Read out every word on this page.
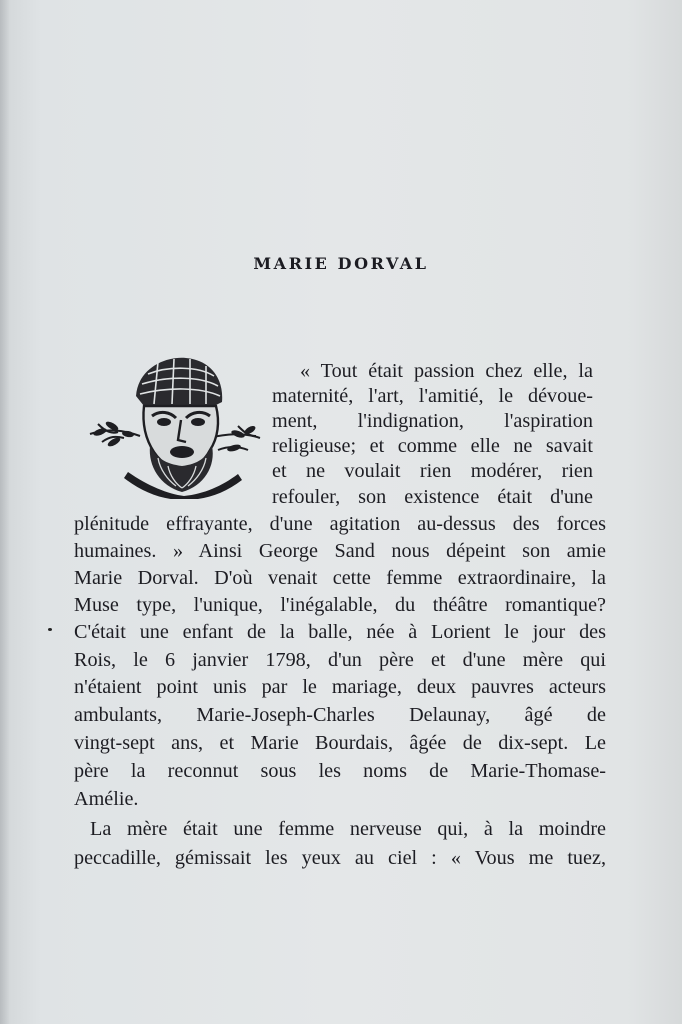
MARIE DORVAL

« Tout était passion chez elle, la

maternité, l'art, l'amitié, le dévoue-

ment, l'indignation, l'aspiration

religieuse; et comme elle ne savait

et ne voulait rien modérer, rien

refouler, son existence était d'une

plénitude effrayante, d'une agitation au-dessus des forces

humaines. » Ainsi George Sand nous dépeint son amie

Marie Dorval. D'où venait cette femme extraordinaire, la

Muse type, l'unique, l'inégalable, du théâtre romantique?

C'était une enfant de la balle, née à Lorient le jour des

Rois, le 6 janvier 1798, d'un père et d'une mère qui

n'étaient point unis par le mariage, deux pauvres acteurs

ambulants, Marie-Joseph-Charles Delaunay, âgé de

vingt-sept ans, et Marie Bourdais, âgée de dix-sept. Le

père la reconnut sous les noms de Marie-Thomase-

Amélie.

La mère était une femme nerveuse qui, à la moindre

peccadille, gémissait les yeux au ciel : « Vous me tuez,
